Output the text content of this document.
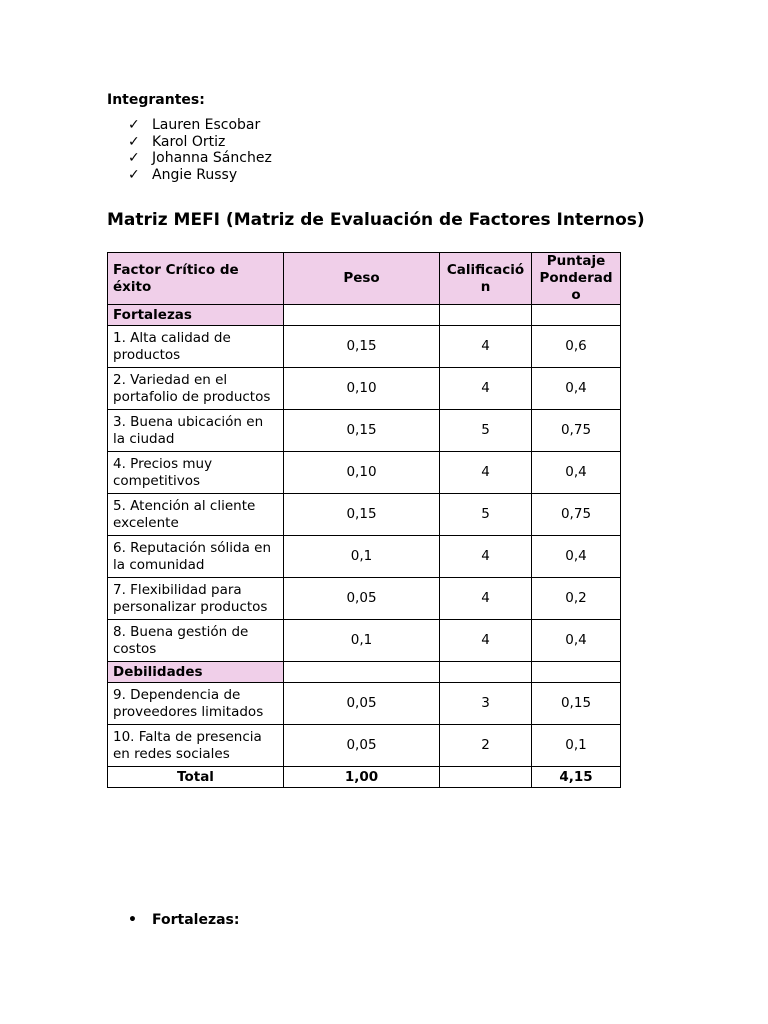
Integrantes:
✓ Lauren Escobar
✓ Karol Ortiz
✓ Johanna Sánchez
✓ Angie Russy
Matriz MEFI (Matriz de Evaluación de Factores Internos)
Factor Crítico de éxito	Peso	Calificació n	Puntaje Ponderad o
Fortalezas			
1. Alta calidad de productos	0,15	4	0,6
2. Variedad en el portafolio de productos	0,10	4	0,4
3. Buena ubicación en la ciudad	0,15	5	0,75
4. Precios muy competitivos	0,10	4	0,4
5. Atención al cliente excelente	0,15	5	0,75
6. Reputación sólida en la comunidad	0,1	4	0,4
7. Flexibilidad para personalizar productos	0,05	4	0,2
8. Buena gestión de costos	0,1	4	0,4
Debilidades			
9. Dependencia de proveedores limitados	0,05	3	0,15
10. Falta de presencia en redes sociales	0,05	2	0,1
Total	1,00		4,15
• Fortalezas:
